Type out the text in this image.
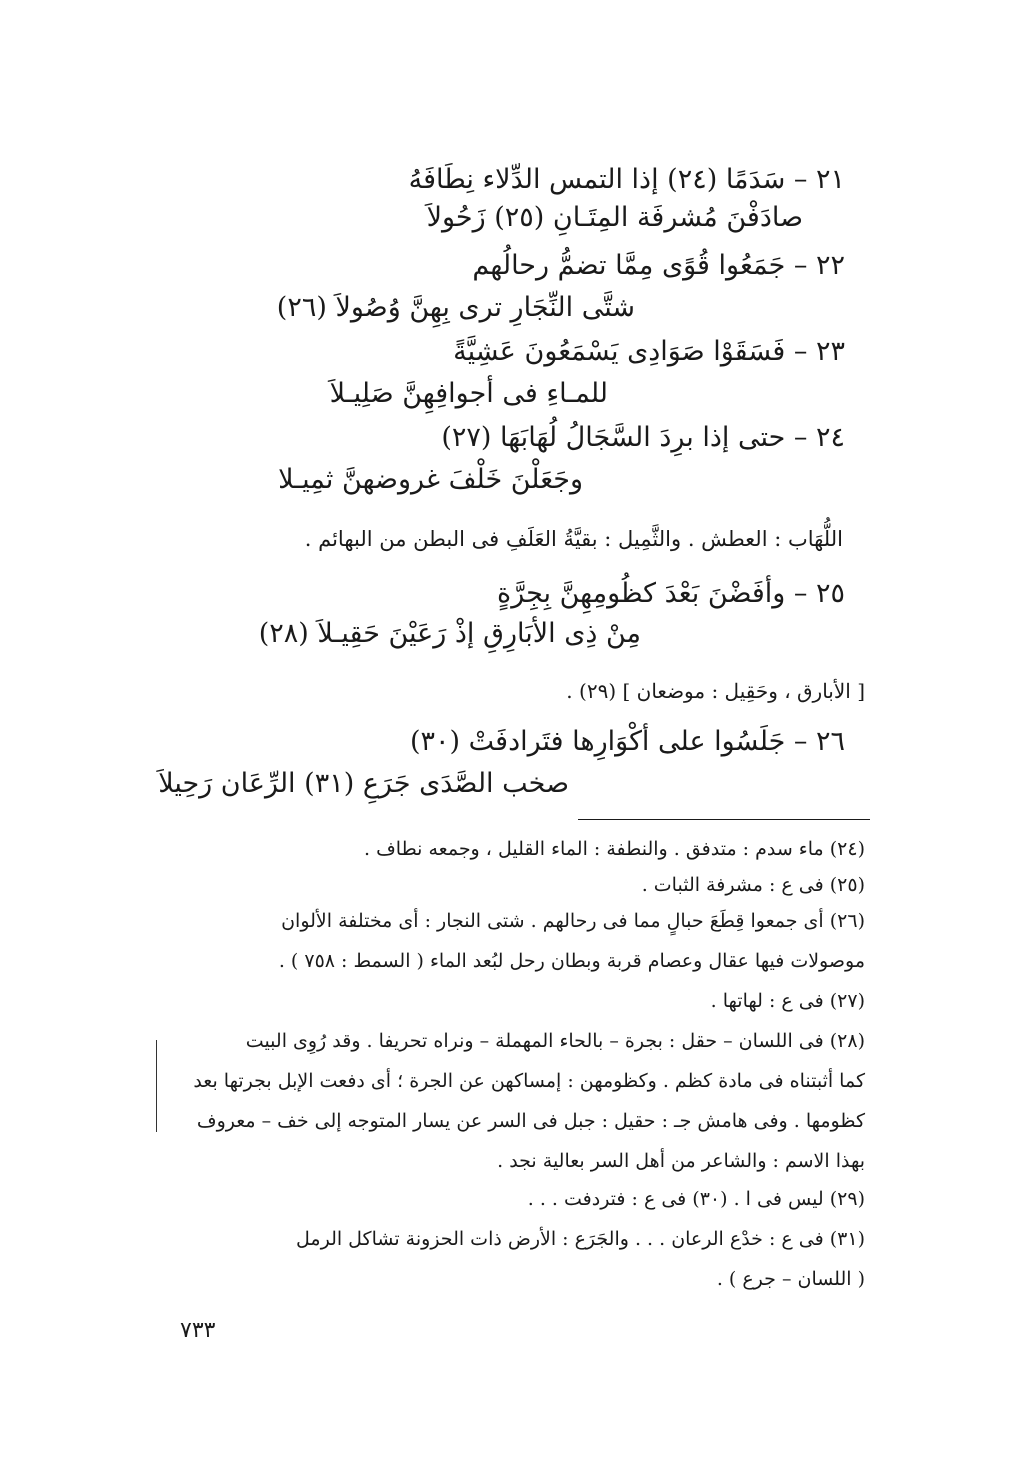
٢١ – سَدَمًا (٢٤) إذا التمس الدِّلاء نِطَافَهُ
صادَفْنَ مُشرفَة المِتَـانِ (٢٥) زَحُولاَ
٢٢ – جَمَعُوا قُوًى مِمَّا تضمُّ رحالُهم
شتَّى النِّجَارِ ترى بِهِنَّ وُصُولاَ (٢٦)
٢٣ – فَسَقَوْا صَوَادِى يَسْمَعُونَ عَشِيَّةً
للمـاءِ فى أجوافِهِنَّ صَلِيـلاَ
٢٤ – حتى إذا برِدَ السَّجَالُ لُهَابَهَا (٢٧)
وجَعَلْنَ خَلْفَ غروضهنَّ ثمِيـلا
اللُّهَاب : العطش . والثَّمِيل : بقيَّةُ العَلَفِ فى البطن من البهائم .
٢٥ – وأفَضْنَ بَعْدَ كظُومِهِنَّ بِجِرَّةٍ
مِنْ ذِى الأبَارِقِ إذْ رَعَيْنَ حَقِيـلاَ (٢٨)
[ الأبارق ، وحَقِيل : موضعان ] (٢٩) .
٢٦ – جَلَسُوا على أكْوَارِها فتَرادفَتْ (٣٠)
صخب الصَّدَى جَرَعِ (٣١) الرِّعَان رَحِيلاَ
(٢٤) ماء سدم : متدفق . والنطفة : الماء القليل ، وجمعه نطاف .
(٢٥) فى ع : مشرفة الثبات .
(٢٦) أى جمعوا قِطَعَ حبالٍ مما فى رحالهم . شتى النجار : أى مختلفة الألوان
موصولات فيها عقال وعصام قربة وبطان رحل لبُعد الماء ( السمط : ٧٥٨ ) .
(٢٧) فى ع : لهاتها .
(٢٨) فى اللسان – حقل : بجرة – بالحاء المهملة – ونراه تحريفا . وقد رُوِى البيت
كما أثبتناه فى مادة كظم . وكظومهن : إمساكهن عن الجرة ؛ أى دفعت الإبل بجرتها بعد
كظومها . وفى هامش جـ : حقيل : جبل فى السر عن يسار المتوجه إلى خف – معروف
بهذا الاسم : والشاعر من أهل السر بعالية نجد .
(٢٩) ليس فى ا . (٣٠) فى ع : فتردفت . . .
(٣١) فى ع : خدْع الرعان . . . والجَرَع : الأرض ذات الحزونة تشاكل الرمل
( اللسان – جرع ) .
٧٣٣
